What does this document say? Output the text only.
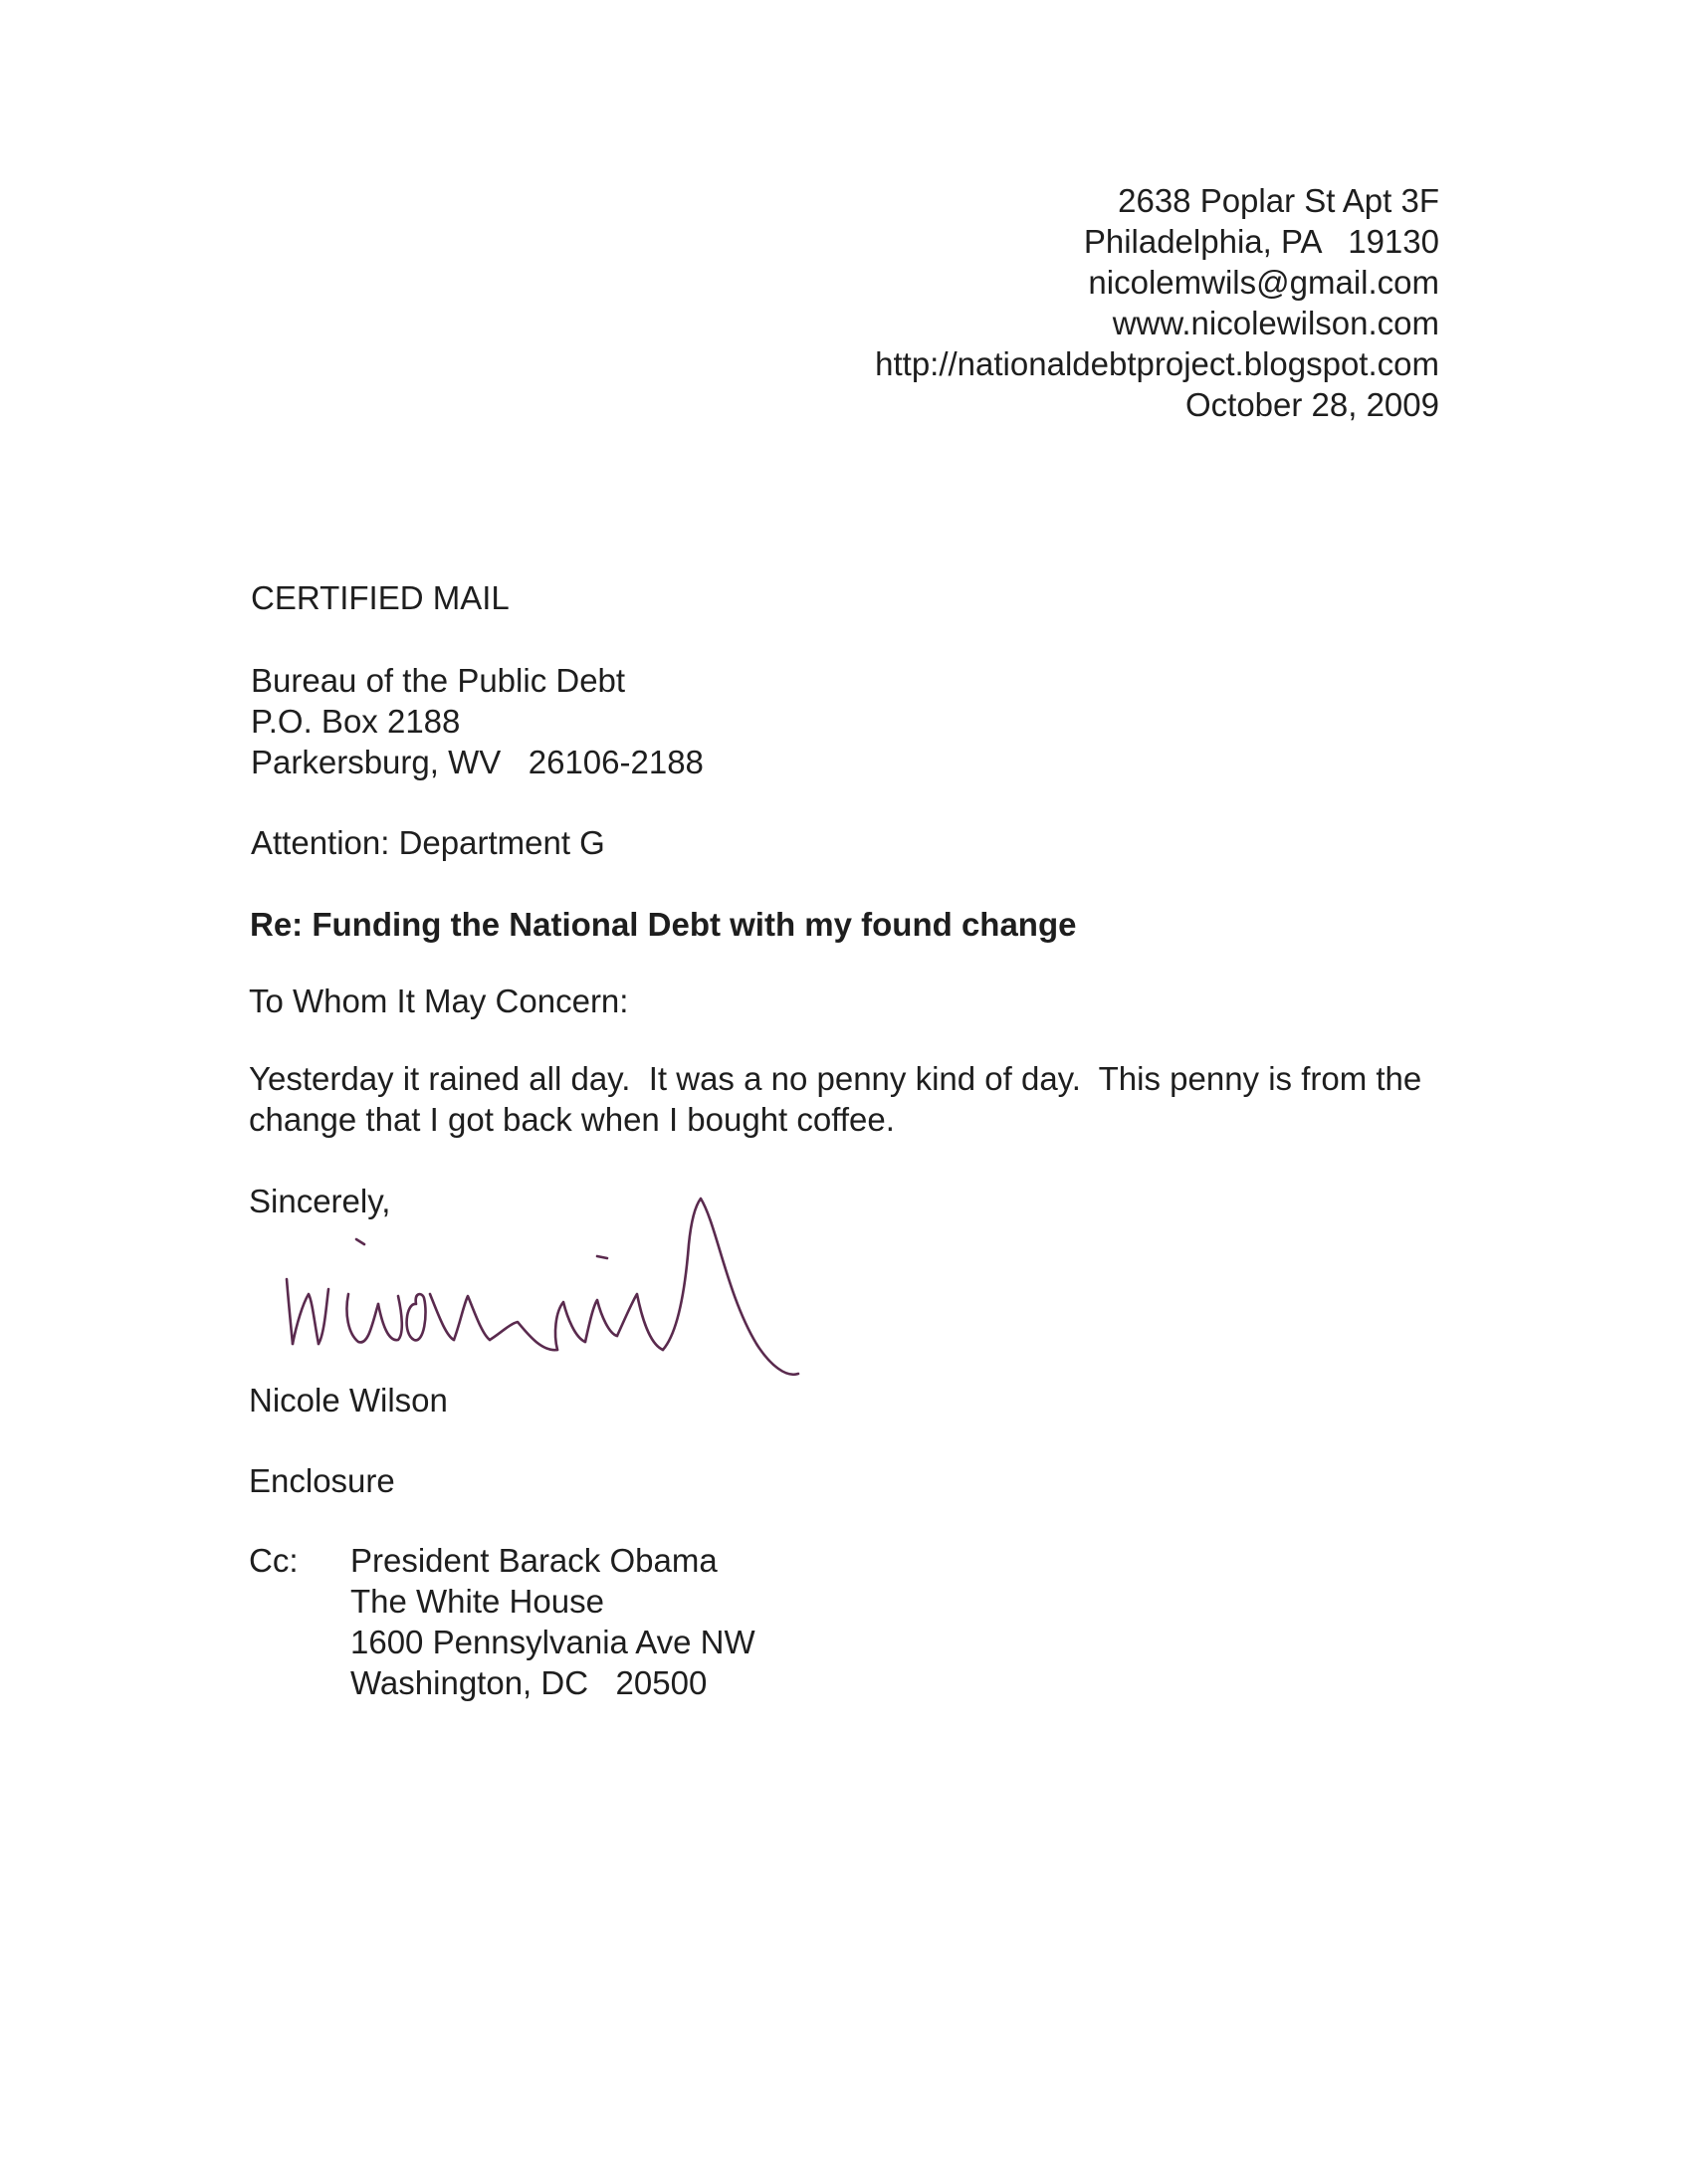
2638 Poplar St Apt 3F
Philadelphia, PA   19130
nicolemwils@gmail.com
www.nicolewilson.com
http://nationaldebtproject.blogspot.com
October 28, 2009
CERTIFIED MAIL
Bureau of the Public Debt
P.O. Box 2188
Parkersburg, WV   26106-2188
Attention: Department G
Re: Funding the National Debt with my found change
To Whom It May Concern:
Yesterday it rained all day.  It was a no penny kind of day.  This penny is from the change that I got back when I bought coffee.
Sincerely,
Nicole Wilson
Enclosure
Cc: President Barack Obama
The White House
1600 Pennsylvania Ave NW
Washington, DC   20500
